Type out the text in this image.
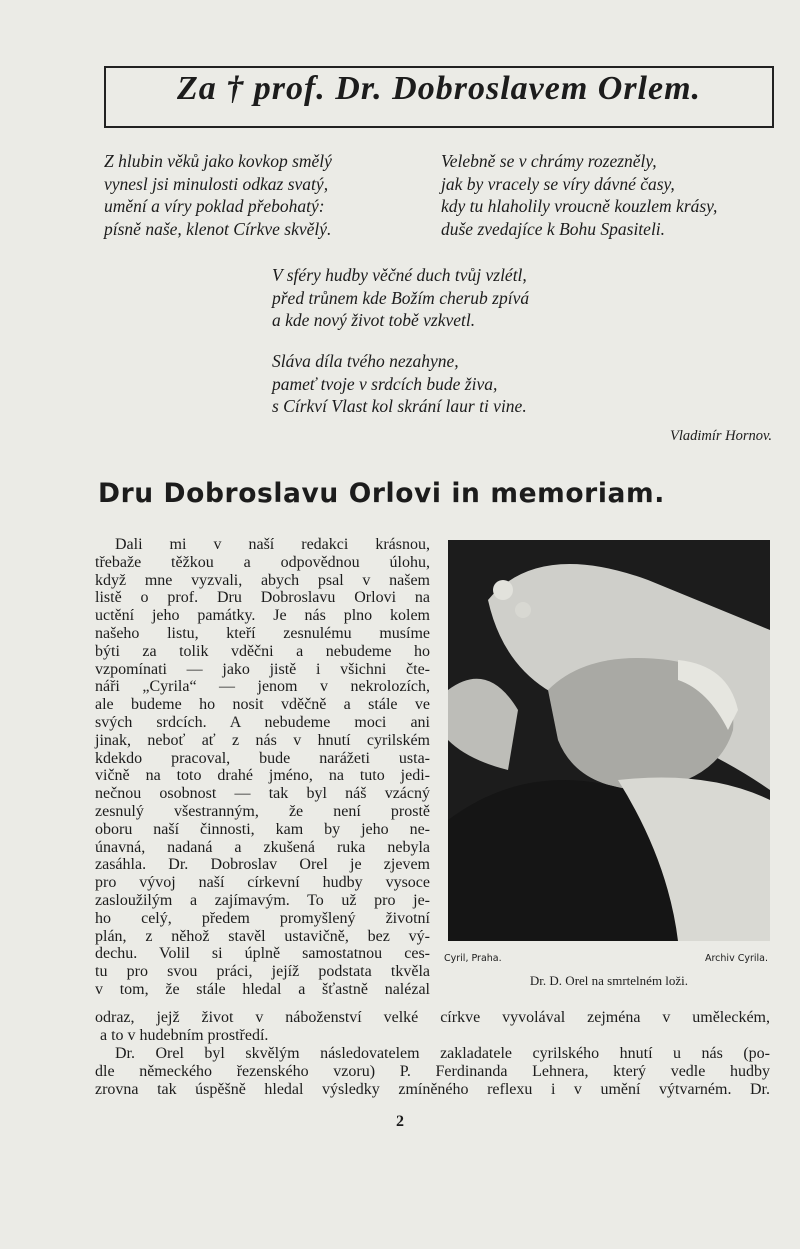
Za † prof. Dr. Dobroslavem Orlem.
Z hlubin věků jako kovkop smělý
vynesl jsi minulosti odkaz svatý,
umění a víry poklad přebohatý:
písně naše, klenot Církve skvělý.
Velebně se v chrámy rozezněly,
jak by vracely se víry dávné časy,
kdy tu hlaholily vroucně kouzlem krásy,
duše zvedajíce k Bohu Spasiteli.
V sféry hudby věčné duch tvůj vzlétl,
před trůnem kde Božím cherub zpívá
a kde nový život tobě vzkvetl.
Sláva díla tvého nezahyne,
pameť tvoje v srdcích bude živa,
s Církví Vlast kol skrání laur ti vine.
Vladimír Hornov.
Dru Dobroslavu Orlovi in memoriam.
Dali mi v naší redakci krásnou,
třebaže těžkou a odpovědnou úlohu,
když mne vyzvali, abych psal v našem
listě o prof. Dru Dobroslavu Orlovi na
uctění jeho památky. Je nás plno kolem
našeho listu, kteří zesnulému musíme
býti za tolik vděčni a nebudeme ho
vzpomínati — jako jistě i všichni čte-
náři „Cyrila“ — jenom v nekrolozích,
ale budeme ho nosit vděčně a stále ve
svých srdcích. A nebudeme moci ani
jinak, neboť ať z nás v hnutí cyrilském
kdekdo pracoval, bude narážeti usta-
vičně na toto drahé jméno, na tuto jedi-
nečnou osobnost — tak byl náš vzácný
zesnulý všestranným, že není prostě
oboru naší činnosti, kam by jeho ne-
únavná, nadaná a zkušená ruka nebyla
zasáhla. Dr. Dobroslav Orel je zjevem
pro vývoj naší církevní hudby vysoce
zasloužilým a zajímavým. To už pro je-
ho celý, předem promyšlený životní
plán, z něhož stavěl ustavičně, bez vý-
dechu. Volil si úplně samostatnou ces-
tu pro svou práci, jejíž podstata tkvěla
v tom, že stále hledal a šťastně nalézal
odraz, jejž život v náboženství velké církve vyvolával zejména v uměleckém,
a to v hudebním prostředí.
Dr. Orel byl skvělým následovatelem zakladatele cyrilského hnutí u nás (po-
dle německého řezenského vzoru) P. Ferdinanda Lehnera, který vedle hudby
zrovna tak úspěšně hledal výsledky zmíněného reflexu i v umění výtvarném. Dr.
Cyril, Praha.	Archiv Cyrila.
Dr. D. Orel na smrtelném loži.
2
